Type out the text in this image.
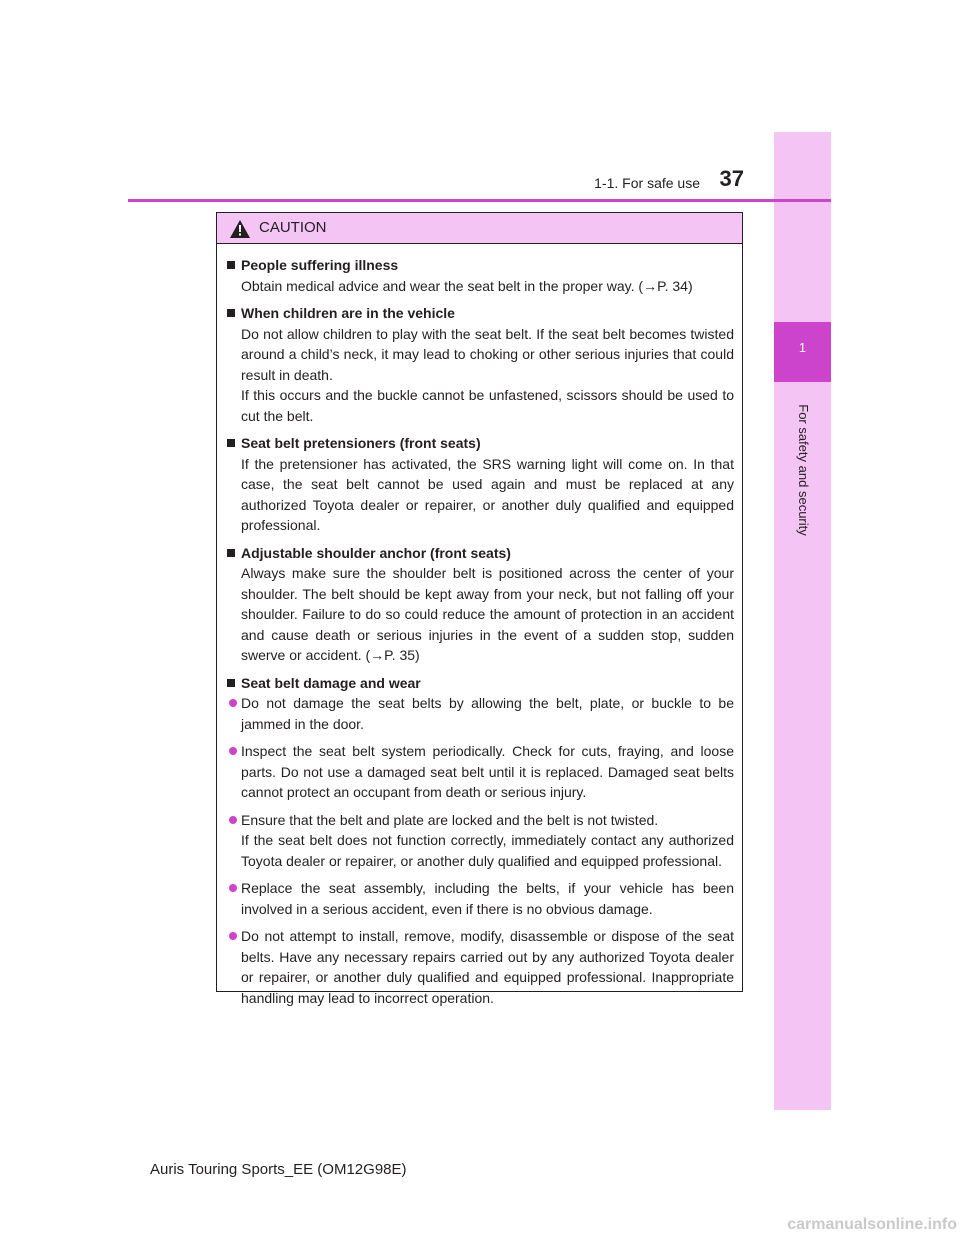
1
For safety and security
1-1. For safe use 37
CAUTION
People suffering illness

Obtain medical advice and wear the seat belt in the proper way. (→P. 34)

When children are in the vehicle

Do not allow children to play with the seat belt. If the seat belt becomes twisted around a child’s neck, it may lead to choking or other serious injuries that could result in death.

If this occurs and the buckle cannot be unfastened, scissors should be used to cut the belt.

Seat belt pretensioners (front seats)

If the pretensioner has activated, the SRS warning light will come on. In that case, the seat belt cannot be used again and must be replaced at any authorized Toyota dealer or repairer, or another duly qualified and equipped professional.

Adjustable shoulder anchor (front seats)

Always make sure the shoulder belt is positioned across the center of your shoulder. The belt should be kept away from your neck, but not falling off your shoulder. Failure to do so could reduce the amount of protection in an accident and cause death or serious injuries in the event of a sudden stop, sudden swerve or accident. (→P. 35)

Seat belt damage and wear

Do not damage the seat belts by allowing the belt, plate, or buckle to be jammed in the door.

Inspect the seat belt system periodically. Check for cuts, fraying, and loose parts. Do not use a damaged seat belt until it is replaced. Damaged seat belts cannot protect an occupant from death or serious injury.

Ensure that the belt and plate are locked and the belt is not twisted.

If the seat belt does not function correctly, immediately contact any authorized Toyota dealer or repairer, or another duly qualified and equipped professional.

Replace the seat assembly, including the belts, if your vehicle has been involved in a serious accident, even if there is no obvious damage.

Do not attempt to install, remove, modify, disassemble or dispose of the seat belts. Have any necessary repairs carried out by any authorized Toyota dealer or repairer, or another duly qualified and equipped professional. Inappropriate handling may lead to incorrect operation.

Auris Touring Sports_EE (OM12G98E)
carmanualsonline.info
